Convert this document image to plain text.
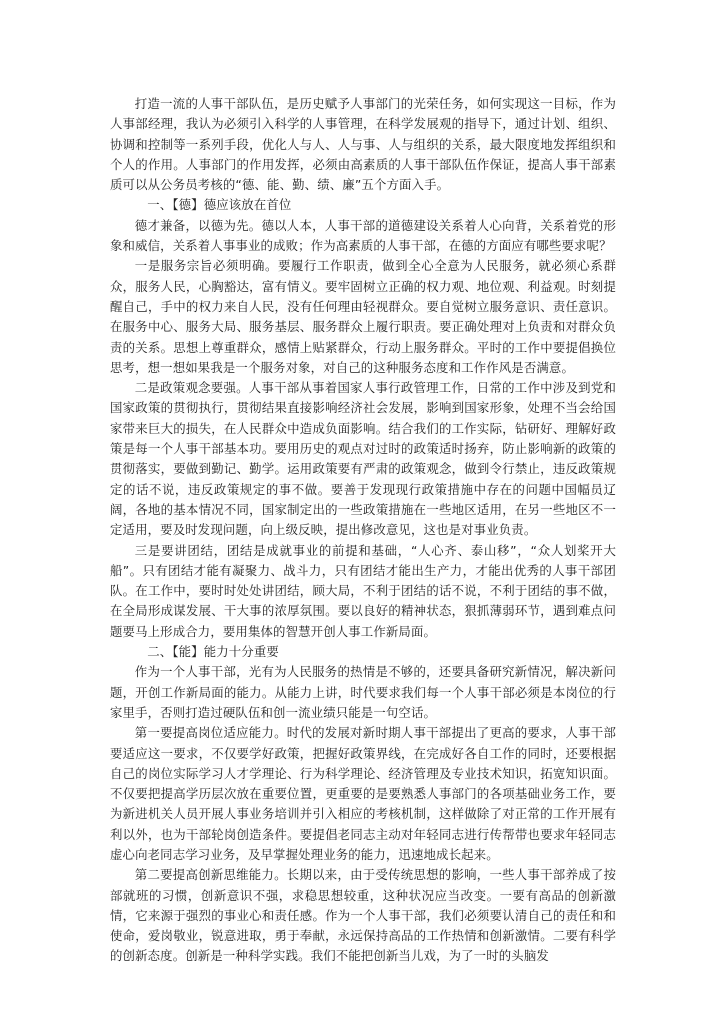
打造一流的人事干部队伍，是历史赋予人事部门的光荣任务，如何实现这一目标，作为人事部经理，我认为必须引入科学的人事管理，在科学发展观的指导下，通过计划、组织、协调和控制等一系列手段，优化人与人、人与事、人与组织的关系，最大限度地发挥组织和个人的作用。人事部门的作用发挥，必须由高素质的人事干部队伍作保证，提高人事干部素质可以从公务员考核的“德、能、勤、绩、廉”五个方面入手。

一、【德】德应该放在首位

德才兼备，以德为先。德以人本，人事干部的道德建设关系着人心向背，关系着党的形象和威信，关系着人事事业的成败；作为高素质的人事干部，在德的方面应有哪些要求呢？

一是服务宗旨必须明确。要履行工作职责，做到全心全意为人民服务，就必须心系群众，服务人民，心胸豁达，富有情义。要牢固树立正确的权力观、地位观、利益观。时刻提醒自己，手中的权力来自人民，没有任何理由轻视群众。要自觉树立服务意识、责任意识。在服务中心、服务大局、服务基层、服务群众上履行职责。要正确处理对上负责和对群众负责的关系。思想上尊重群众，感情上贴紧群众，行动上服务群众。平时的工作中要提倡换位思考，想一想如果我是一个服务对象，对自己的这种服务态度和工作作风是否满意。

二是政策观念要强。人事干部从事着国家人事行政管理工作，日常的工作中涉及到党和国家政策的贯彻执行，贯彻结果直接影响经济社会发展，影响到国家形象，处理不当会给国家带来巨大的损失，在人民群众中造成负面影响。结合我们的工作实际，钻研好、理解好政策是每一个人事干部基本功。要用历史的观点对过时的政策适时扬弃，防止影响新的政策的贯彻落实，要做到勤记、勤学。运用政策要有严肃的政策观念，做到令行禁止，违反政策规定的话不说，违反政策规定的事不做。要善于发现现行政策措施中存在的问题中国幅员辽阔，各地的基本情况不同，国家制定出的一些政策措施在一些地区适用，在另一些地区不一定适用，要及时发现问题，向上级反映，提出修改意见，这也是对事业负责。

三是要讲团结，团结是成就事业的前提和基础，“人心齐、泰山移”，“众人划桨开大船”。只有团结才能有凝聚力、战斗力，只有团结才能出生产力，才能出优秀的人事干部团队。在工作中，要时时处处讲团结，顾大局，不利于团结的话不说，不利于团结的事不做，在全局形成谋发展、干大事的浓厚氛围。要以良好的精神状态，狠抓薄弱环节，遇到难点问题要马上形成合力，要用集体的智慧开创人事工作新局面。

二、【能】能力十分重要

作为一个人事干部，光有为人民服务的热情是不够的，还要具备研究新情况，解决新问题，开创工作新局面的能力。从能力上讲，时代要求我们每一个人事干部必须是本岗位的行家里手，否则打造过硬队伍和创一流业绩只能是一句空话。

第一要提高岗位适应能力。时代的发展对新时期人事干部提出了更高的要求，人事干部要适应这一要求，不仅要学好政策，把握好政策界线，在完成好各自工作的同时，还要根据自己的岗位实际学习人才学理论、行为科学理论、经济管理及专业技术知识，拓宽知识面。不仅要把提高学历层次放在重要位置，更重要的是要熟悉人事部门的各项基础业务工作，要为新进机关人员开展人事业务培训并引入相应的考核机制，这样做除了对正常的工作开展有利以外，也为干部轮岗创造条件。要提倡老同志主动对年轻同志进行传帮带也要求年轻同志虚心向老同志学习业务，及早掌握处理业务的能力，迅速地成长起来。

第二要提高创新思维能力。长期以来，由于受传统思想的影响，一些人事干部养成了按部就班的习惯，创新意识不强，求稳思想较重，这种状况应当改变。一要有高品的创新激情，它来源于强烈的事业心和责任感。作为一个人事干部，我们必须要认清自己的责任和和使命，爱岗敬业，锐意进取，勇于奉献，永远保持高品的工作热情和创新激情。二要有科学的创新态度。创新是一种科学实践。我们不能把创新当儿戏，为了一时的头脑发
